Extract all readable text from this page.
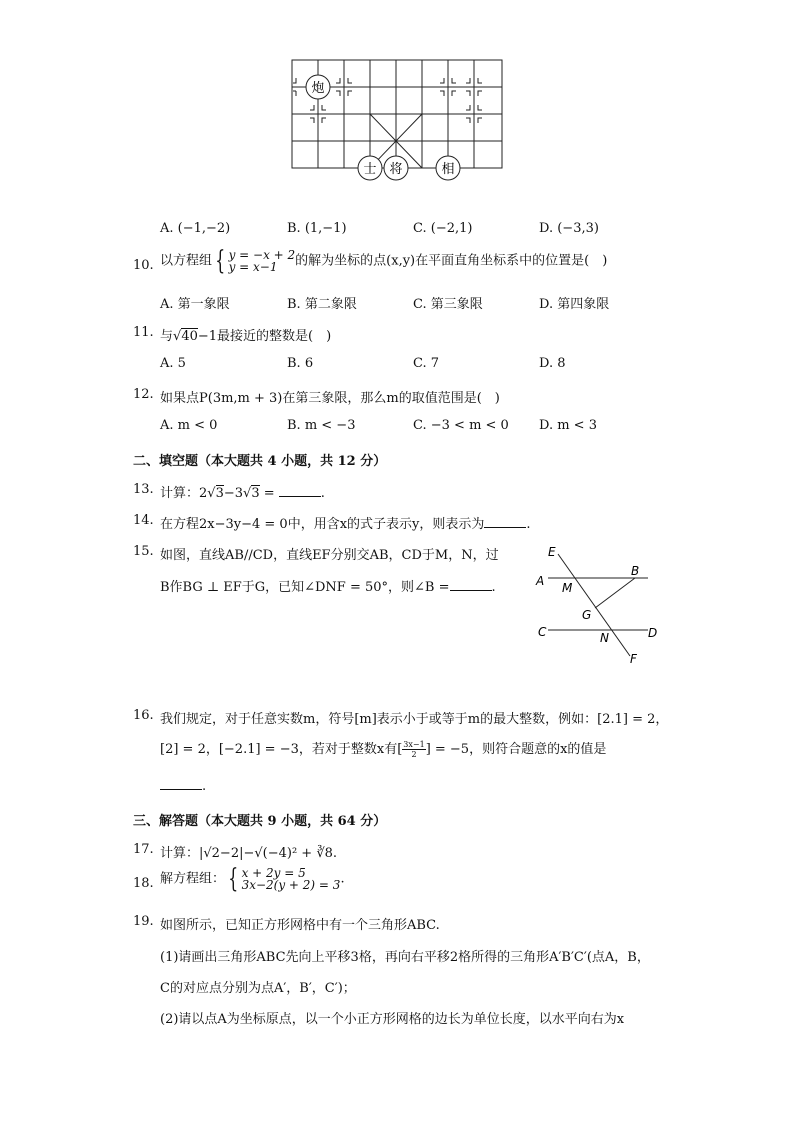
炮
士 将	相
A. (−1,−2)	B. (1,−1)	C. (−2,1)	D. (−3,3)
10. 以方程组 { y = −x + 2
y = x−1	的解为坐标的点(x,y)在平面直角坐标系中的位置是(　)
A. 第一象限	B. 第二象限	C. 第三象限	D. 第四象限
11. 与√40−1最接近的整数是(　)
A. 5	B. 6	C. 7	D. 8
12. 如果点P(3m,m + 3)在第三象限，那么m的取值范围是(　)
A. m < 0	B. m < −3	C. −3 < m < 0 D. m < 3
二、填空题（本大题共 4 小题，共 12 分）
13. 计算：2√3−3√3 =	.
14. 在方程2x−3y−4 = 0中，用含x的式子表示y，则表示为	.
15. 如图，直线AB//CD，直线EF分别交AB，CD于M，N，过
B作BG ⊥ EF于G，已知∠DNF = 50°，则∠B =	.
E
A M
B
G
C	N	D
F
16. 我们规定，对于任意实数m，符号[m]表示小于或等于m的最大整数，例如：[2.1] = 2，
[2] = 2，[−2.1] = −3，若对于整数x有[ $\frac{3x-1}{2}$ ] = −5，则符合题意的x的值是
.
三、解答题（本大题共 9 小题，共 64 分）
17. 计算：|√2−2|−√(−4)² + ∛8.
18. 解方程组： { x + 2y = 5
3x−2(y + 2) = 3 .
19. 如图所示，已知正方形网格中有一个三角形ABC.
(1)请画出三角形ABC先向上平移3格，再向右平移2格所得的三角形A′B′C′(点A，B，
C的对应点分别为点A′，B′，C′)；
(2)请以点A为坐标原点，以一个小正方形网格的边长为单位长度，以水平向右为x
